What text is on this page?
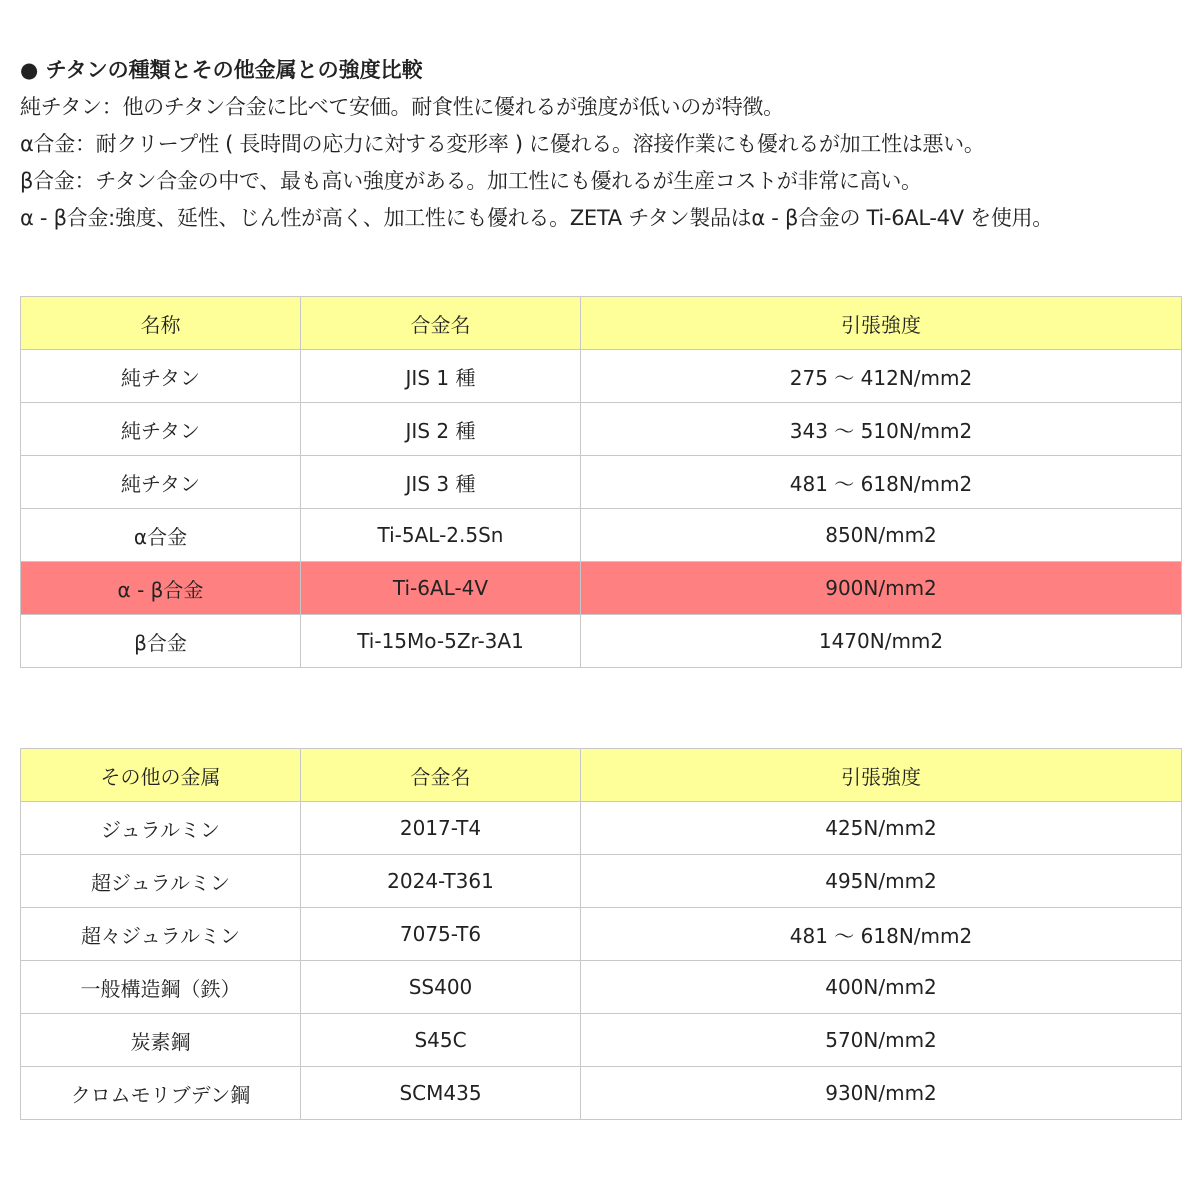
● チタンの種類とその他金属との強度比較
純チタン：他のチタン合金に比べて安価。耐食性に優れるが強度が低いのが特徴。
α合金：耐クリープ性 ( 長時間の応力に対する変形率 ) に優れる。溶接作業にも優れるが加工性は悪い。
β合金：チタン合金の中で、最も高い強度がある。加工性にも優れるが生産コストが非常に高い。
α - β合金:強度、延性、じん性が高く、加工性にも優れる。ZETA チタン製品はα - β合金の Ti-6AL-4V を使用。
名称	合金名	引張強度
純チタン	JIS 1 種	275 ～ 412N/mm2
純チタン	JIS 2 種	343 ～ 510N/mm2
純チタン	JIS 3 種	481 ～ 618N/mm2
α合金	Ti-5AL-2.5Sn	850N/mm2
α - β合金	Ti-6AL-4V	900N/mm2
β合金	Ti-15Mo-5Zr-3A1	1470N/mm2
その他の金属	合金名	引張強度
ジュラルミン	2017-T4	425N/mm2
超ジュラルミン	2024-T361	495N/mm2
超々ジュラルミン	7075-T6	481 ～ 618N/mm2
一般構造鋼（鉄）	SS400	400N/mm2
炭素鋼	S45C	570N/mm2
クロムモリブデン鋼	SCM435	930N/mm2
